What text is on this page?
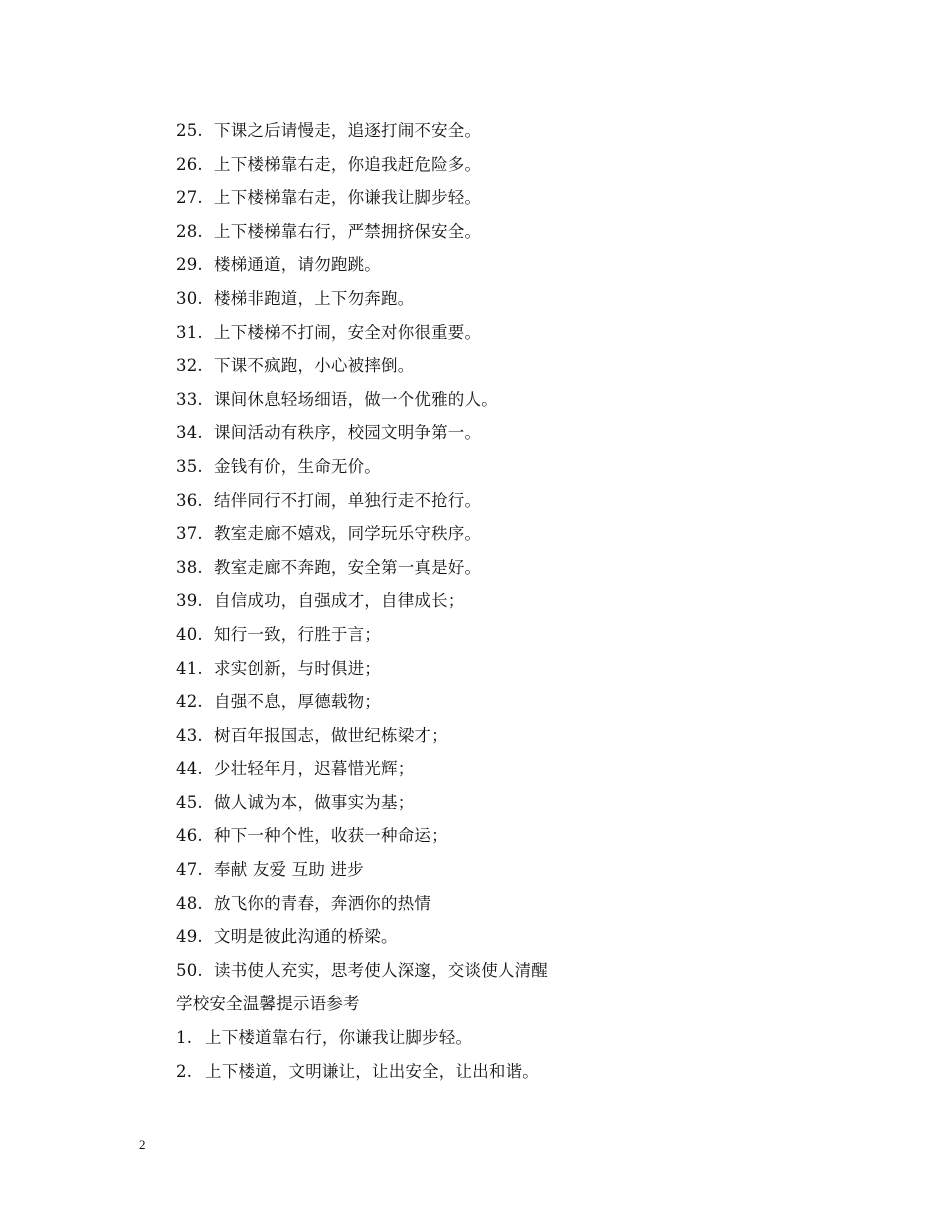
25. 下课之后请慢走，追逐打闹不安全。
26. 上下楼梯靠右走，你追我赶危险多。
27. 上下楼梯靠右走，你谦我让脚步轻。
28. 上下楼梯靠右行，严禁拥挤保安全。
29. 楼梯通道，请勿跑跳。
30. 楼梯非跑道，上下勿奔跑。
31. 上下楼梯不打闹，安全对你很重要。
32. 下课不疯跑，小心被摔倒。
33. 课间休息轻场细语，做一个优雅的人。
34. 课间活动有秩序，校园文明争第一。
35. 金钱有价，生命无价。
36. 结伴同行不打闹，单独行走不抢行。
37. 教室走廊不嬉戏，同学玩乐守秩序。
38. 教室走廊不奔跑，安全第一真是好。
39. 自信成功，自强成才，自律成长；
40. 知行一致，行胜于言；
41. 求实创新，与时俱进；
42. 自强不息，厚德载物；
43. 树百年报国志，做世纪栋梁才；
44. 少壮轻年月，迟暮惜光辉；
45. 做人诚为本，做事实为基；
46. 种下一种个性，收获一种命运；
47. 奉献 友爱 互助 进步
48. 放飞你的青春，奔洒你的热情
49. 文明是彼此沟通的桥梁。
50. 读书使人充实，思考使人深邃，交谈使人清醒
学校安全温馨提示语参考
1. 上下楼道靠右行，你谦我让脚步轻。
2. 上下楼道，文明谦让，让出安全，让出和谐。
2
